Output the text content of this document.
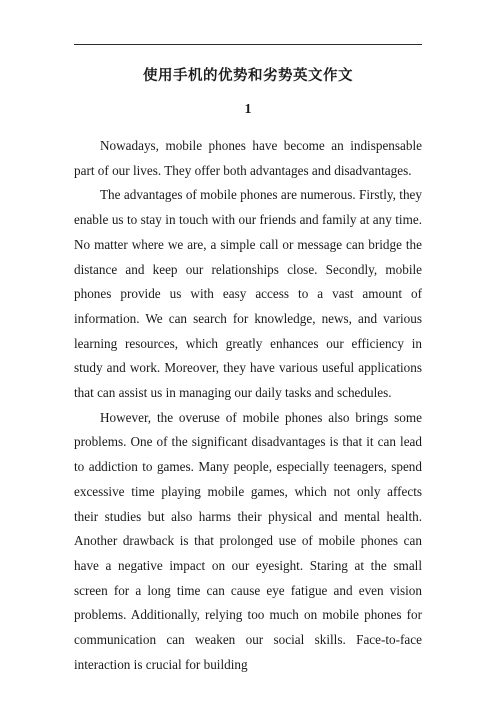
使用手机的优势和劣势英文作文
1

Nowadays, mobile phones have become an indispensable part of our lives. They offer both advantages and disadvantages.

The advantages of mobile phones are numerous. Firstly, they enable us to stay in touch with our friends and family at any time. No matter where we are, a simple call or message can bridge the distance and keep our relationships close. Secondly, mobile phones provide us with easy access to a vast amount of information. We can search for knowledge, news, and various learning resources, which greatly enhances our efficiency in study and work. Moreover, they have various useful applications that can assist us in managing our daily tasks and schedules.

However, the overuse of mobile phones also brings some problems. One of the significant disadvantages is that it can lead to addiction to games. Many people, especially teenagers, spend excessive time playing mobile games, which not only affects their studies but also harms their physical and mental health. Another drawback is that prolonged use of mobile phones can have a negative impact on our eyesight. Staring at the small screen for a long time can cause eye fatigue and even vision problems. Additionally, relying too much on mobile phones for communication can weaken our social skills. Face-to-face interaction is crucial for building
